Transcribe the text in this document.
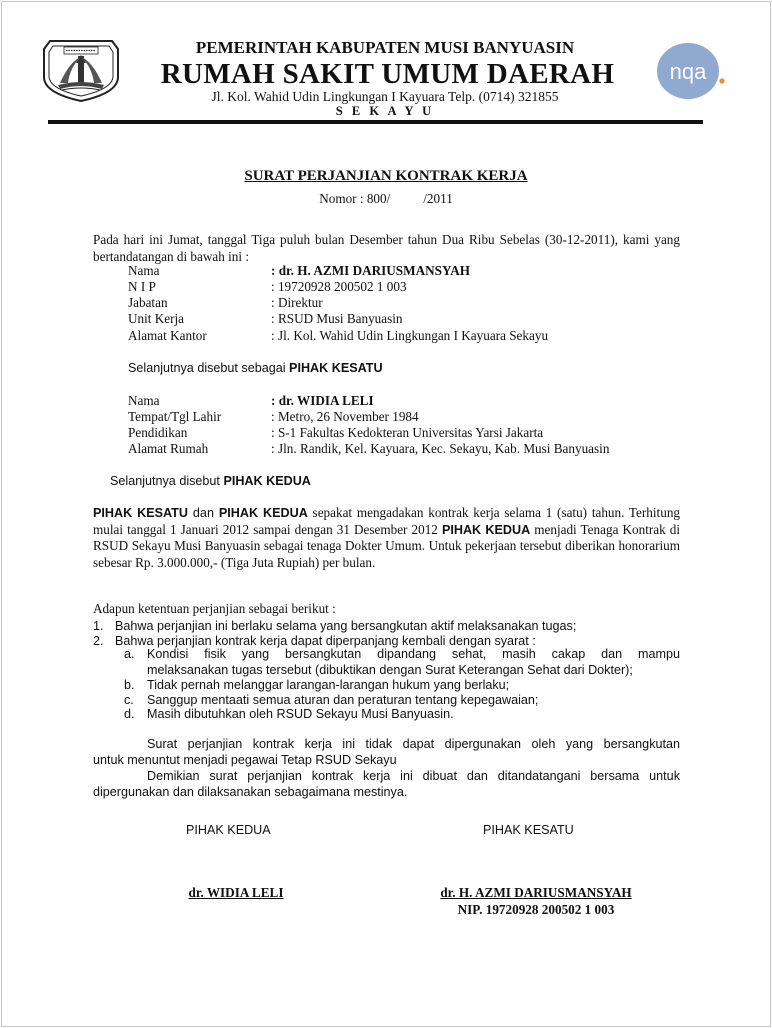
nqa
PEMERINTAH KABUPATEN MUSI BANYUASIN
RUMAH SAKIT UMUM DAERAH
Jl. Kol. Wahid Udin Lingkungan I Kayuara Telp. (0714) 321855
S E K A Y U
SURAT PERJANJIAN KONTRAK KERJA
Nomor : 800/          /2011
Pada hari ini Jumat, tanggal Tiga puluh bulan Desember tahun Dua Ribu Sebelas (30-12-2011), kami yang bertandatangan di bawah ini :
Nama	: dr. H. AZMI DARIUSMANSYAH
N I P	: 19720928 200502 1 003
Jabatan	: Direktur
Unit Kerja	: RSUD Musi Banyuasin
Alamat Kantor	: Jl. Kol. Wahid Udin Lingkungan I Kayuara Sekayu
Selanjutnya disebut sebagai PIHAK KESATU
Nama	: dr. WIDIA LELI
Tempat/Tgl Lahir	: Metro, 26 November 1984
Pendidikan	: S-1 Fakultas Kedokteran Universitas Yarsi Jakarta
Alamat Rumah	: Jln. Randik, Kel. Kayuara, Kec. Sekayu, Kab. Musi Banyuasin
Selanjutnya disebut PIHAK KEDUA
PIHAK KESATU dan PIHAK KEDUA sepakat mengadakan kontrak kerja selama 1 (satu) tahun. Terhitung mulai tanggal 1 Januari 2012 sampai dengan 31 Desember 2012 PIHAK KEDUA menjadi Tenaga Kontrak di RSUD Sekayu Musi Banyuasin sebagai tenaga Dokter Umum. Untuk pekerjaan tersebut diberikan honorarium sebesar Rp. 3.000.000,- (Tiga Juta Rupiah) per bulan.
Adapun ketentuan perjanjian sebagai berikut :
1. Bahwa perjanjian ini berlaku selama yang bersangkutan aktif melaksanakan tugas;
2. Bahwa perjanjian kontrak kerja dapat diperpanjang kembali dengan syarat :
a. Kondisi fisik yang bersangkutan dipandang sehat, masih cakap dan mampu
melaksanakan tugas tersebut (dibuktikan dengan Surat Keterangan Sehat dari Dokter);
b. Tidak pernah melanggar larangan-larangan hukum yang berlaku;
c. Sanggup mentaati semua aturan dan peraturan tentang kepegawaian;
d. Masih dibutuhkan oleh RSUD Sekayu Musi Banyuasin.
Surat perjanjian kontrak kerja ini tidak dapat dipergunakan oleh yang bersangkutan
untuk menuntut menjadi pegawai Tetap RSUD Sekayu
Demikian surat perjanjian kontrak kerja ini dibuat dan ditandatangani bersama untuk
dipergunakan dan dilaksanakan sebagaimana mestinya.
PIHAK KEDUA	PIHAK KESATU
dr. WIDIA LELI	dr. H. AZMI DARIUSMANSYAH
NIP. 19720928 200502 1 003
